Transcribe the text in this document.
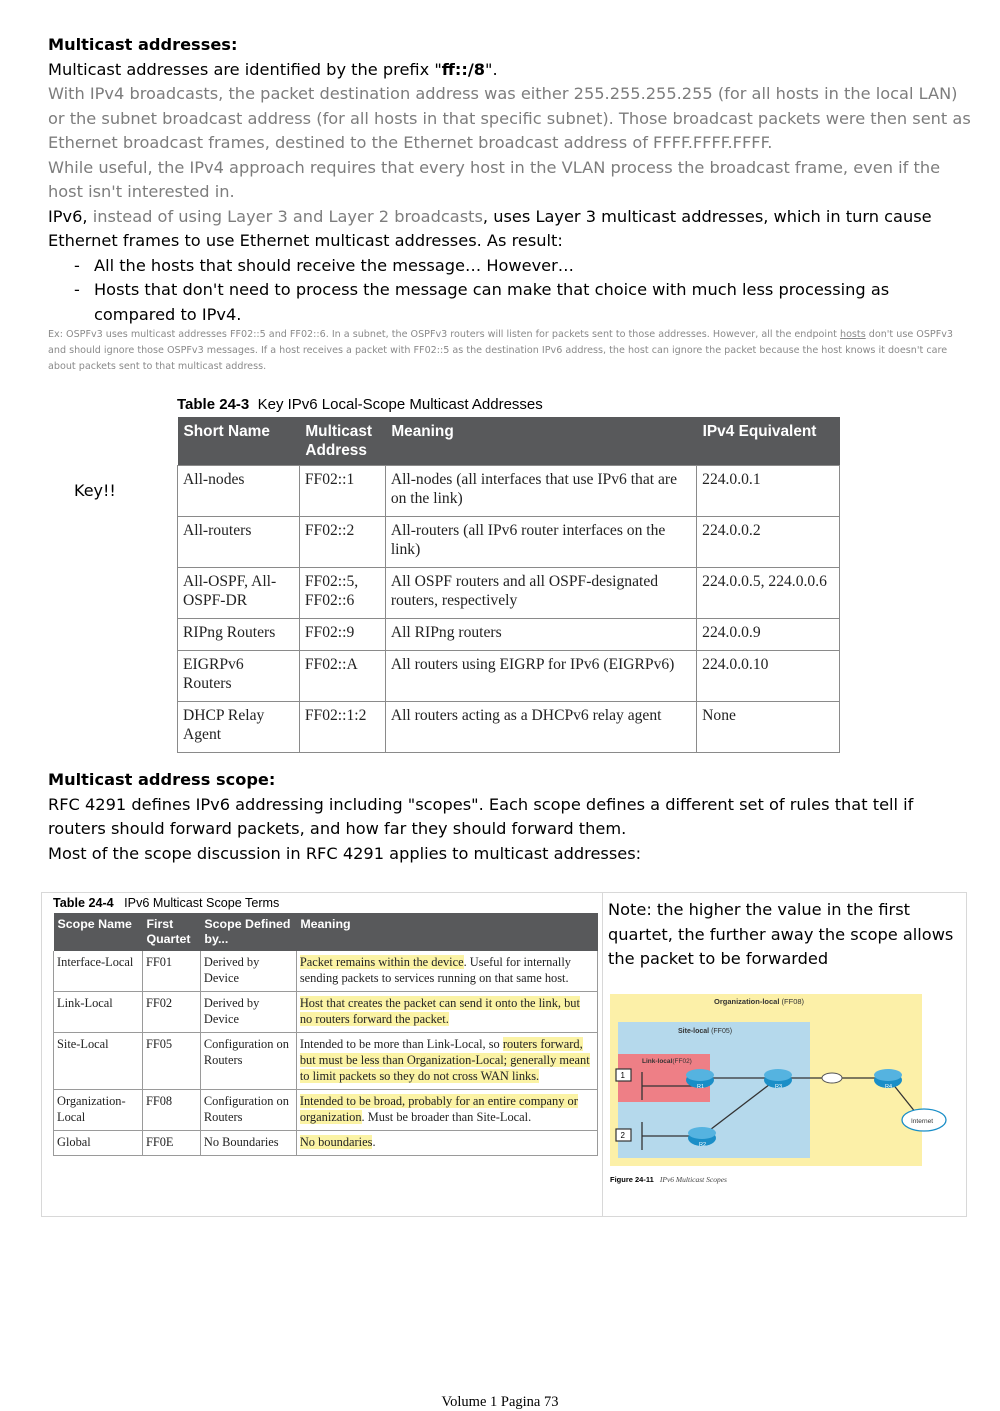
Multicast addresses:

Multicast addresses are identified by the prefix "ff::/8".

With IPv4 broadcasts, the packet destination address was either 255.255.255.255 (for all hosts in the local LAN) or the subnet broadcast address (for all hosts in that specific subnet). Those broadcast packets were then sent as Ethernet broadcast frames, destined to the Ethernet broadcast address of FFFF.FFFF.FFFF.

While useful, the IPv4 approach requires that every host in the VLAN process the broadcast frame, even if the host isn't interested in.

IPv6, instead of using Layer 3 and Layer 2 broadcasts, uses Layer 3 multicast addresses, which in turn cause Ethernet frames to use Ethernet multicast addresses. As result:

- All the hosts that should receive the message… However…
- Hosts that don't need to process the message can make that choice with much less processing as compared to IPv4.

Ex: OSPFv3 uses multicast addresses FF02::5 and FF02::6. In a subnet, the OSPFv3 routers will listen for packets sent to those addresses. However, all the endpoint hosts don't use OSPFv3 and should ignore those OSPFv3 messages. If a host receives a packet with FF02::5 as the destination IPv6 address, the host can ignore the packet because the host knows it doesn't care about packets sent to that multicast address.

Key!!
Table 24-3 Key IPv6 Local-Scope Multicast Addresses
Short Name	Multicast Address	Meaning	IPv4 Equivalent
All-nodes	FF02::1	All-nodes (all interfaces that use IPv6 that are on the link)	224.0.0.1
All-routers	FF02::2	All-routers (all IPv6 router interfaces on the link)	224.0.0.2
All-OSPF, All-OSPF-DR	FF02::5, FF02::6	All OSPF routers and all OSPF-designated routers, respectively	224.0.0.5, 224.0.0.6
RIPng Routers	FF02::9	All RIPng routers	224.0.0.9
EIGRPv6 Routers	FF02::A	All routers using EIGRP for IPv6 (EIGRPv6)	224.0.0.10
DHCP Relay Agent	FF02::1:2	All routers acting as a DHCPv6 relay agent	None

Multicast address scope:

RFC 4291 defines IPv6 addressing including "scopes". Each scope defines a different set of rules that tell if routers should forward packets, and how far they should forward them.

Most of the scope discussion in RFC 4291 applies to multicast addresses:

Table 24-4 IPv6 Multicast Scope Terms
Scope Name	First Quartet	Scope Defined by...	Meaning
Interface-Local	FF01	Derived by Device	Packet remains within the device. Useful for internally sending packets to services running on that same host.
Link-Local	FF02	Derived by Device	Host that creates the packet can send it onto the link, but no routers forward the packet.
Site-Local	FF05	Configuration on Routers	Intended to be more than Link-Local, so routers forward, but must be less than Organization-Local; generally meant to limit packets so they do not cross WAN links.
Organization-Local	FF08	Configuration on Routers	Intended to be broad, probably for an entire company or organization. Must be broader than Site-Local.
Global	FF0E	No Boundaries	No boundaries.
Note: the higher the value in the first quartet, the further away the scope allows the packet to be forwarded
Organization-local (FF08)
Site-local (FF05)
Link-local(FF02)
1
2
R1
R2
R3	R4
Internet
Figure 24-11 IPv6 Multicast Scopes
Volume 1 Pagina 73
